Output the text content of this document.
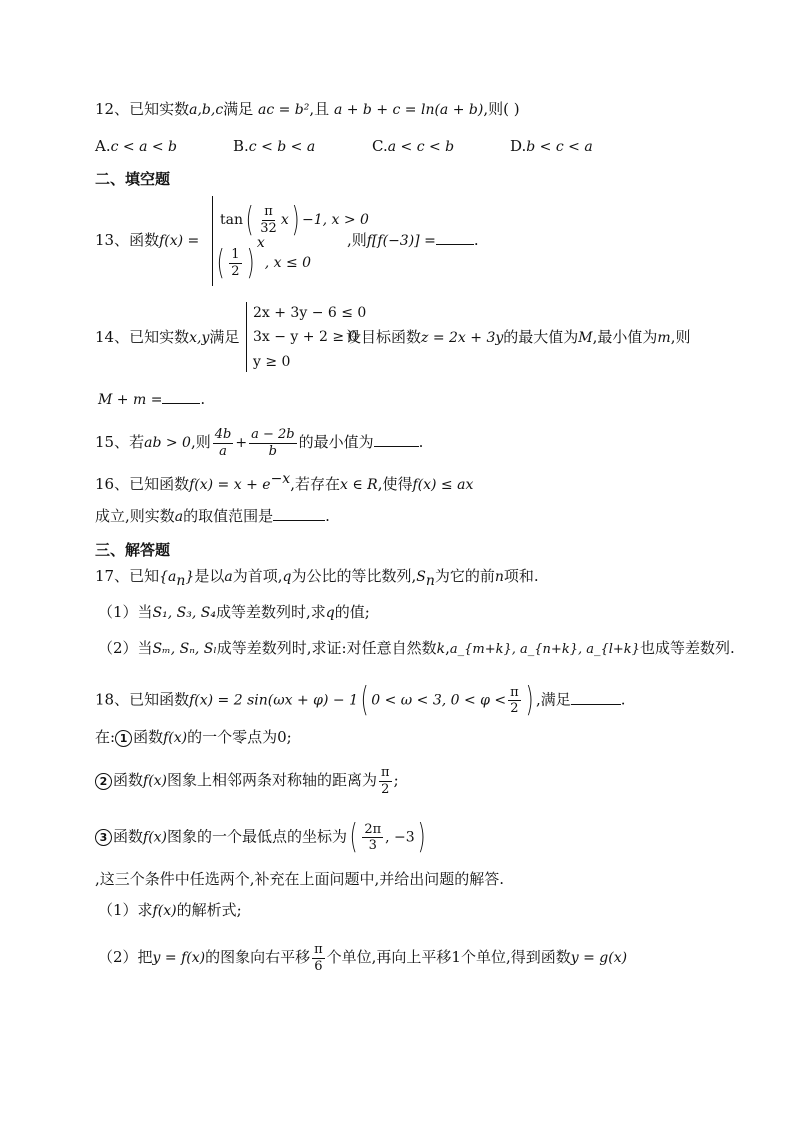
12、已知实数a,b,c满足 ac = b²,且 a + b + c = ln(a + b),则( )
A.c < a < b	B.c < b < a	C.a < c < b	D.b < c < a
二、填空题
13、函数f(x) =
$\tan( \frac{\pi}{32} x) -1$, x > 0
( $\frac{1}{2}$ ) $^x$, x ≤ 0
,则f[f(−3)] =	.
2x + 3y − 6 ≤ 0
3x − y + 2 ≥ 0
y ≥ 0
14、已知实数x,y满足	设目标函数z = 2x + 3y的最大值为M,最小值为m,则
M + m =	.
15、若ab > 0,则 $\frac{4b}{a} + \frac{a - 2b}{b}$ 的最小值为	.
16、已知函数$f(x) = x + e^{-x}$,若存在x ∈ R,使得f(x) ≤ ax
成立,则实数a的取值范围是	.
三、解答题
17、已知$\{a_n\}$是以a为首项,q为公比的等比数列$,S_n$为它的前n项和.
（1）当S₁, S₃, S₄成等差数列时,求q的值;
（2）当Sₘ, Sₙ, Sₗ成等差数列时,求证:对任意自然数k,a_{m+k}, a_{n+k}, a_{l+k}也成等差数列.
18、已知函数f(x) = 2 sin(ωx + φ) − 1( 0 < ω < 3, $0 < \varphi < \frac{\pi}{2}$ ) ,满足	.
在: 1 函数f(x)的一个零点为0;
2 函数f(x)图象上相邻两条对称轴的距离为 $\frac{\pi}{2}$ ;
3 函数f(x)图象的一个最低点的坐标为( $\frac{2\pi}{3}$ , −3)
,这三个条件中任选两个,补充在上面问题中,并给出问题的解答.
（1）求f(x)的解析式;
（2）把y = f(x)的图象向右平移 $\frac{\pi}{6}$ 个单位,再向上平移1个单位,得到函数y = g(x)
